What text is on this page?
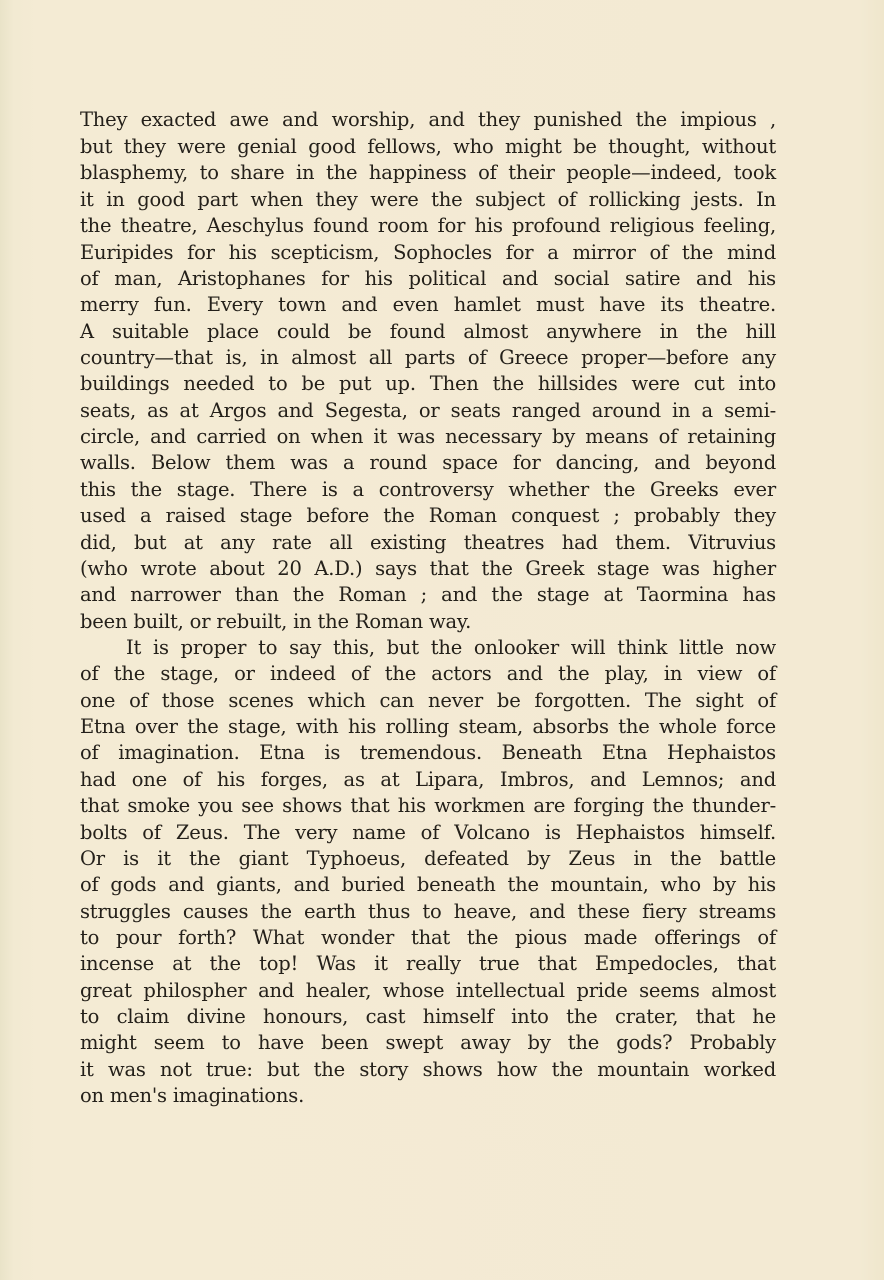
They exacted awe and worship, and they punished the impious ,
but they were genial good fellows, who might be thought, without
blasphemy, to share in the happiness of their people—indeed, took
it in good part when they were the subject of rollicking jests. In
the theatre, Aeschylus found room for his profound religious feeling,
Euripides for his scepticism, Sophocles for a mirror of the mind
of man, Aristophanes for his political and social satire and his
merry fun. Every town and even hamlet must have its theatre.
A suitable place could be found almost anywhere in the hill
country—that is, in almost all parts of Greece proper—before any
buildings needed to be put up. Then the hillsides were cut into
seats, as at Argos and Segesta, or seats ranged around in a semi-
circle, and carried on when it was necessary by means of retaining
walls. Below them was a round space for dancing, and beyond
this the stage. There is a controversy whether the Greeks ever
used a raised stage before the Roman conquest ; probably they
did, but at any rate all existing theatres had them. Vitruvius
(who wrote about 20 A.D.) says that the Greek stage was higher
and narrower than the Roman ; and the stage at Taormina has
been built, or rebuilt, in the Roman way.
It is proper to say this, but the onlooker will think little now
of the stage, or indeed of the actors and the play, in view of
one of those scenes which can never be forgotten. The sight of
Etna over the stage, with his rolling steam, absorbs the whole force
of imagination. Etna is tremendous. Beneath Etna Hephaistos
had one of his forges, as at Lipara, Imbros, and Lemnos; and
that smoke you see shows that his workmen are forging the thunder-
bolts of Zeus. The very name of Volcano is Hephaistos himself.
Or is it the giant Typhoeus, defeated by Zeus in the battle
of gods and giants, and buried beneath the mountain, who by his
struggles causes the earth thus to heave, and these fiery streams
to pour forth? What wonder that the pious made offerings of
incense at the top! Was it really true that Empedocles, that
great philospher and healer, whose intellectual pride seems almost
to claim divine honours, cast himself into the crater, that he
might seem to have been swept away by the gods? Probably
it was not true: but the story shows how the mountain worked
on men's imaginations.
